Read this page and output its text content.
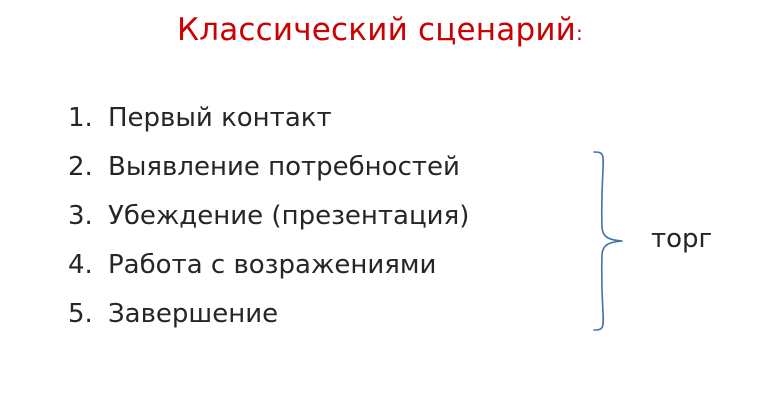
Классический сценарий:
1. Первый контакт
2. Выявление потребностей
3. Убеждение (презентация)
4. Работа с возражениями
5. Завершение
торг
